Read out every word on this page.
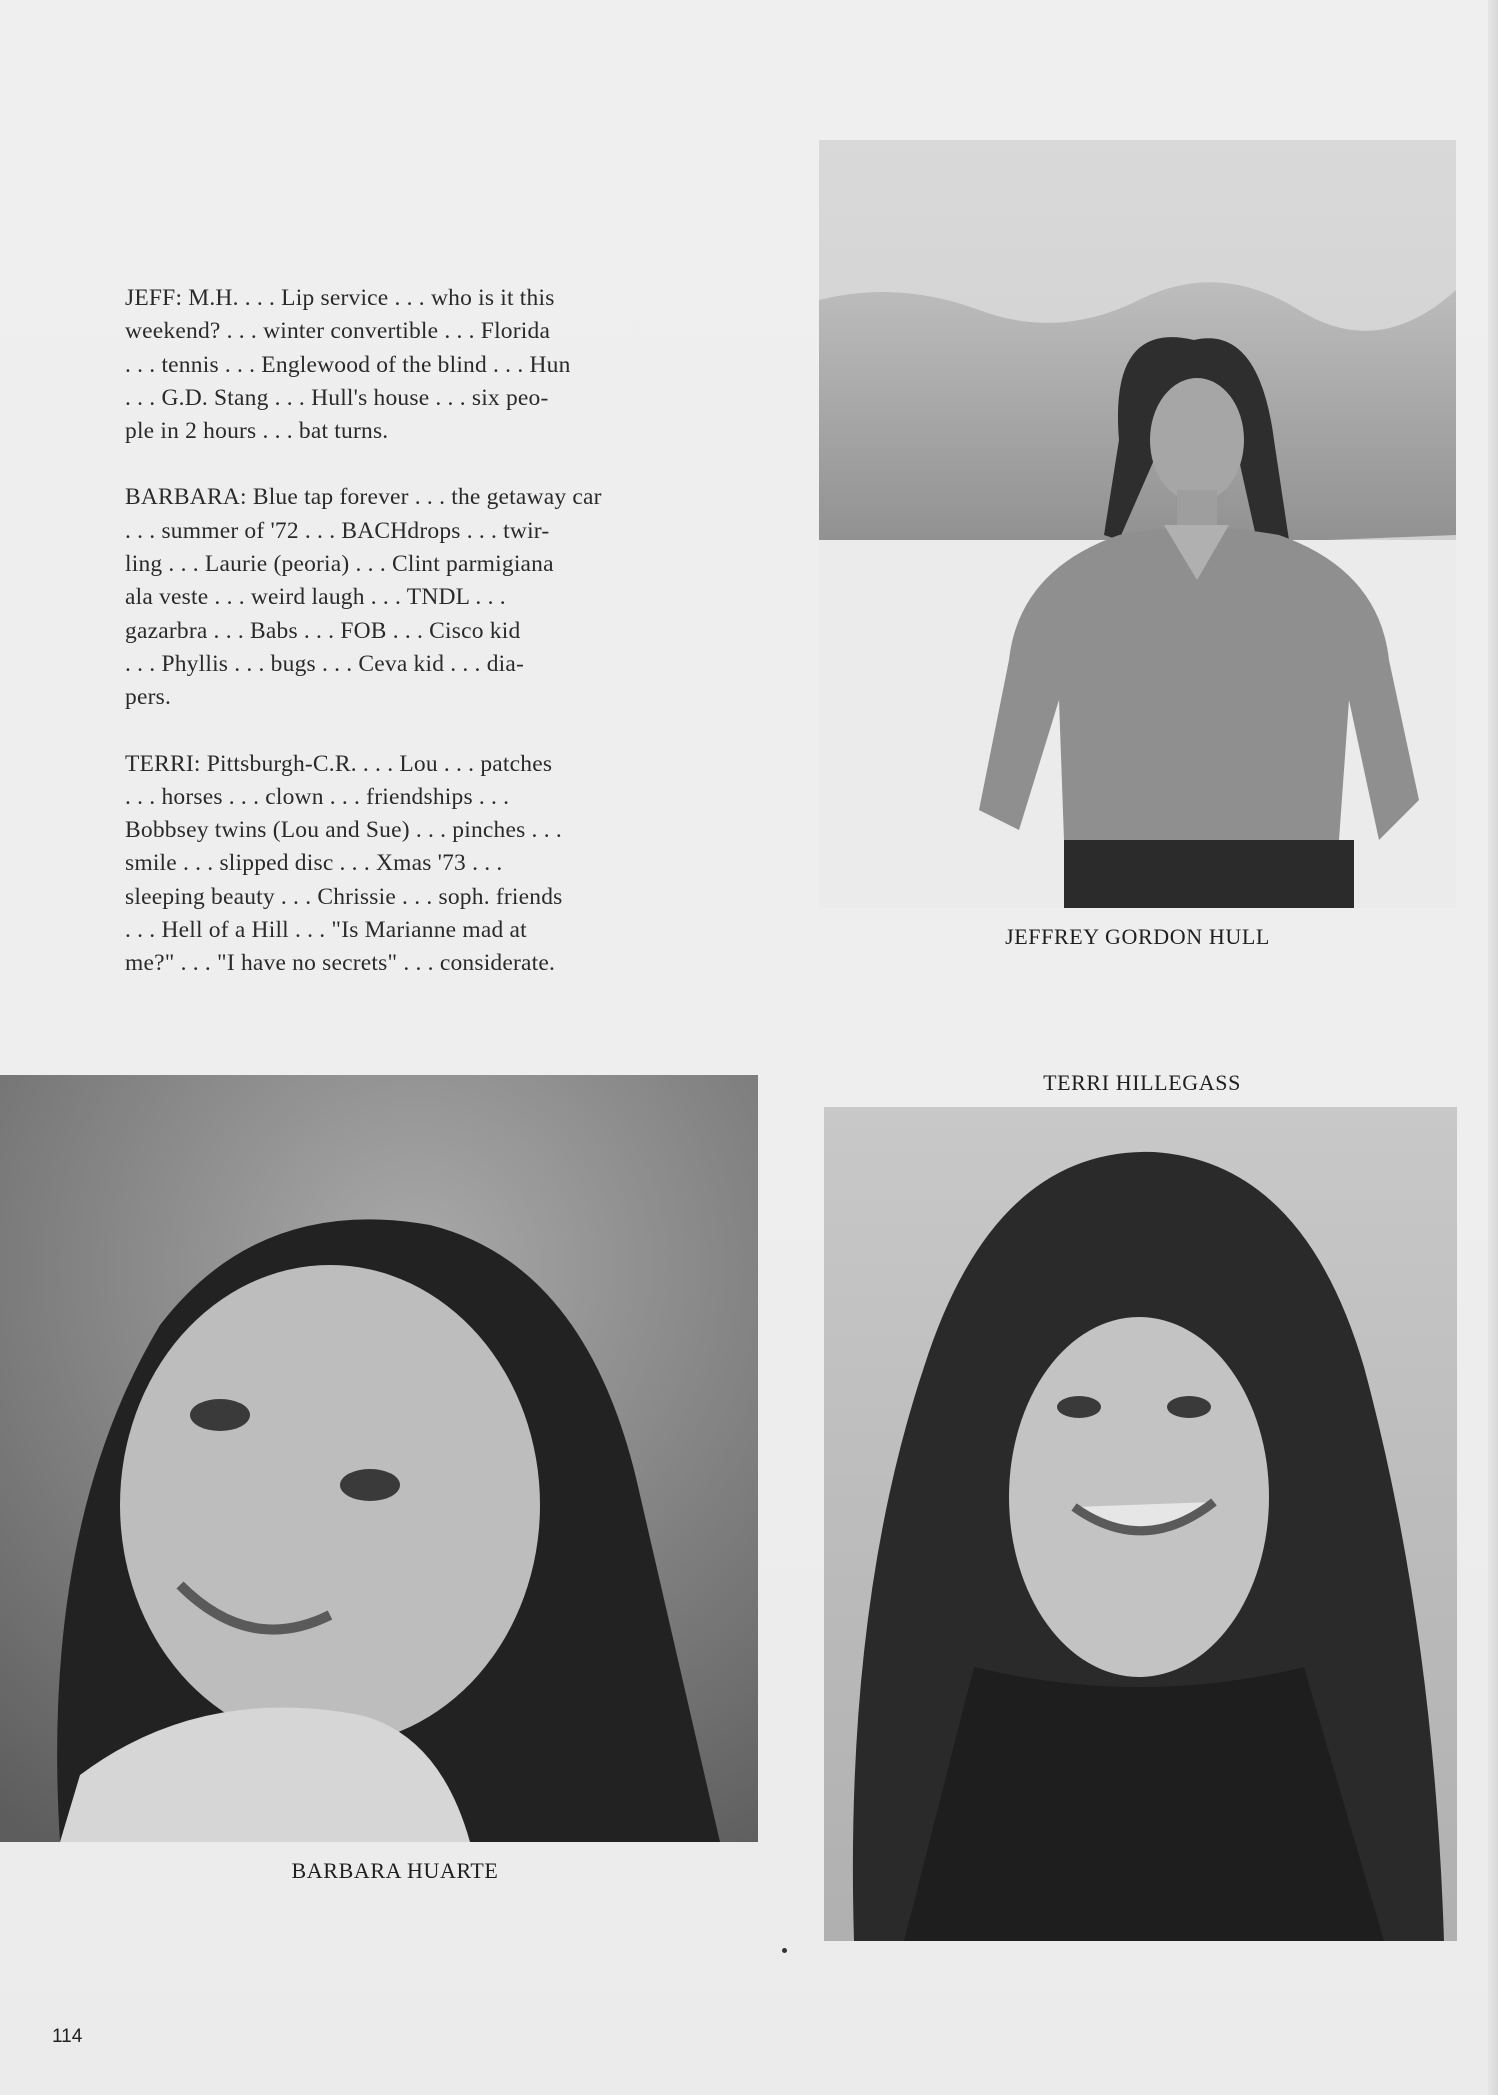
JEFF: M.H. . . . Lip service . . . who is it this
weekend? . . . winter convertible . . . Florida
. . . tennis . . . Englewood of the blind . . . Hun
. . . G.D. Stang . . . Hull's house . . . six peo-
ple in 2 hours . . . bat turns.
BARBARA: Blue tap forever . . . the getaway car
. . . summer of '72 . . . BACHdrops . . . twir-
ling . . . Laurie (peoria) . . . Clint parmigiana
ala veste . . . weird laugh . . . TNDL . . .
gazarbra . . . Babs . . . FOB . . . Cisco kid
. . . Phyllis . . . bugs . . . Ceva kid . . . dia-
pers.
TERRI: Pittsburgh-C.R. . . . Lou . . . patches
. . . horses . . . clown . . . friendships . . .
Bobbsey twins (Lou and Sue) . . . pinches . . .
smile . . . slipped disc . . . Xmas '73 . . .
sleeping beauty . . . Chrissie . . . soph. friends
. . . Hell of a Hill . . . "Is Marianne mad at
me?" . . . "I have no secrets" . . . considerate.
JEFFREY GORDON HULL
TERRI HILLEGASS
BARBARA HUARTE
114
